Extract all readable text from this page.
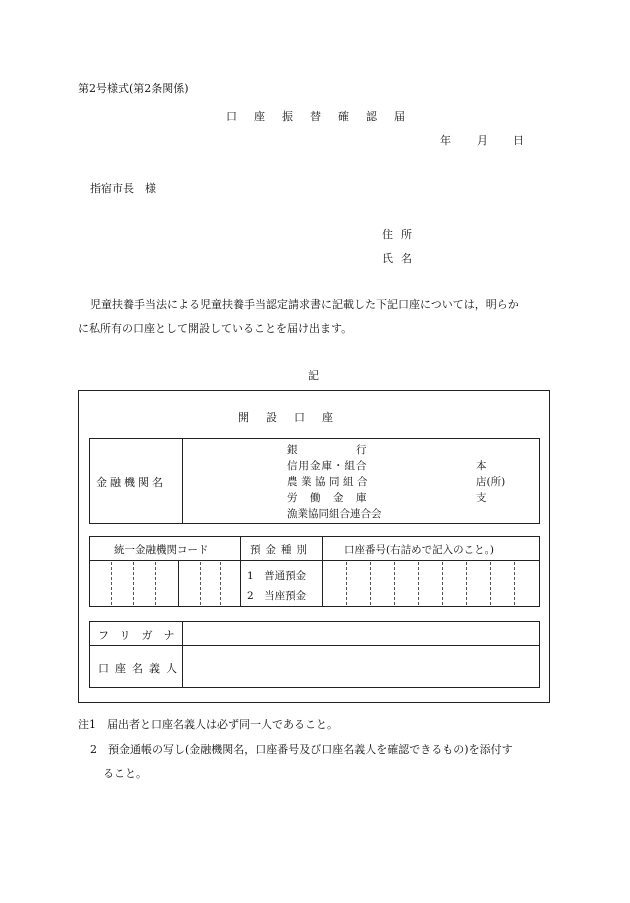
第2号様式(第2条関係)
口座振替確認届
年 月 日
指宿市長　様
住所
氏名
児童扶養手当法による児童扶養手当認定請求書に記載した下記口座については，明らか
に私所有の口座として開設していることを届け出ます。
記
開設口座
金融機関名
銀　　　　　行
信用金庫・組合
農業協同組合
労　働　金　庫
漁業協同組合連合会
本
店(所)
支
統一金融機関コード	預金種別	口座番号(右詰めで記入のこと。)
1　普通預金
2　当座預金
フリガナ
口座名義人
注1　届出者と口座名義人は必ず同一人であること。
2　預金通帳の写し(金融機関名，口座番号及び口座名義人を確認できるもの)を添付す
ること。
